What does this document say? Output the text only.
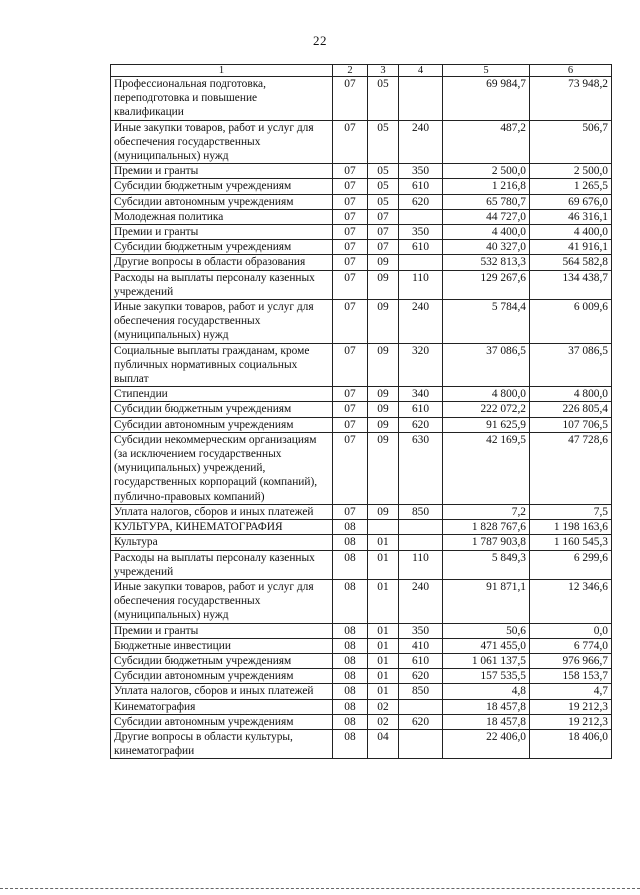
22
1	2	3	4	5	6
Профессиональная подготовка, переподготовка и повышение квалификации	07	05		69 984,7	73 948,2
Иные закупки товаров, работ и услуг для обеспечения государственных (муниципальных) нужд	07	05	240	487,2	506,7
Премии и гранты	07	05	350	2 500,0	2 500,0
Субсидии бюджетным учреждениям	07	05	610	1 216,8	1 265,5
Субсидии автономным учреждениям	07	05	620	65 780,7	69 676,0
Молодежная политика	07	07		44 727,0	46 316,1
Премии и гранты	07	07	350	4 400,0	4 400,0
Субсидии бюджетным учреждениям	07	07	610	40 327,0	41 916,1
Другие вопросы в области образования	07	09		532 813,3	564 582,8
Расходы на выплаты персоналу казенных учреждений	07	09	110	129 267,6	134 438,7
Иные закупки товаров, работ и услуг для обеспечения государственных (муниципальных) нужд	07	09	240	5 784,4	6 009,6
Социальные выплаты гражданам, кроме публичных нормативных социальных выплат	07	09	320	37 086,5	37 086,5
Стипендии	07	09	340	4 800,0	4 800,0
Субсидии бюджетным учреждениям	07	09	610	222 072,2	226 805,4
Субсидии автономным учреждениям	07	09	620	91 625,9	107 706,5
Субсидии некоммерческим организациям (за исключением государственных (муниципальных) учреждений, государственных корпораций (компаний), публично-правовых компаний)	07	09	630	42 169,5	47 728,6
Уплата налогов, сборов и иных платежей	07	09	850	7,2	7,5
КУЛЬТУРА, КИНЕМАТОГРАФИЯ	08			1 828 767,6	1 198 163,6
Культура	08	01		1 787 903,8	1 160 545,3
Расходы на выплаты персоналу казенных учреждений	08	01	110	5 849,3	6 299,6
Иные закупки товаров, работ и услуг для обеспечения государственных (муниципальных) нужд	08	01	240	91 871,1	12 346,6
Премии и гранты	08	01	350	50,6	0,0
Бюджетные инвестиции	08	01	410	471 455,0	6 774,0
Субсидии бюджетным учреждениям	08	01	610	1 061 137,5	976 966,7
Субсидии автономным учреждениям	08	01	620	157 535,5	158 153,7
Уплата налогов, сборов и иных платежей	08	01	850	4,8	4,7
Кинематография	08	02		18 457,8	19 212,3
Субсидии автономным учреждениям	08	02	620	18 457,8	19 212,3
Другие вопросы в области культуры, кинематографии	08	04		22 406,0	18 406,0
